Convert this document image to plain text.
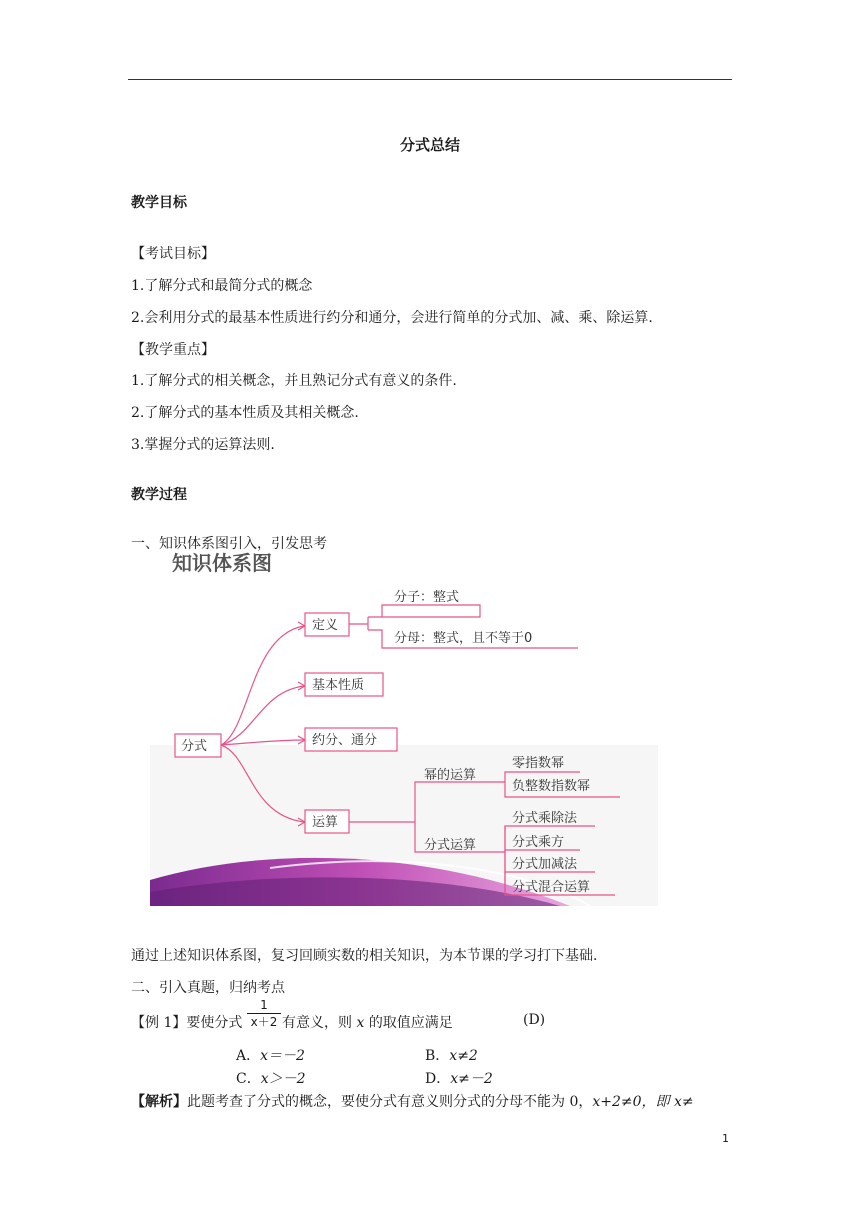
分式总结
教学目标
【考试目标】
1.了解分式和最简分式的概念
2.会利用分式的最基本性质进行约分和通分，会进行简单的分式加、减、乘、除运算.
【教学重点】
1.了解分式的相关概念，并且熟记分式有意义的条件.
2.了解分式的基本性质及其相关概念.
3.掌握分式的运算法则.
教学过程
一、知识体系图引入，引发思考
知识体系图
分式
定义
基本性质
约分、通分
运算
分子：整式
分母：整式，且不等于0
幂的运算
分式运算
零指数幂
负整数指数幂
分式乘除法
分式乘方
分式加减法
分式混合运算
通过上述知识体系图，复习回顾实数的相关知识，为本节课的学习打下基础.
二、引入真题，归纳考点
【例 1】要使分式
1
x＋2 有意义，则 x 的取值应满足	(D)
A．x＝－2	B．x≠2
C．x＞－2	D．x≠－2
【解析】此题考查了分式的概念，要使分式有意义则分式的分母不能为 0，x+2≠0，即 x≠
1
